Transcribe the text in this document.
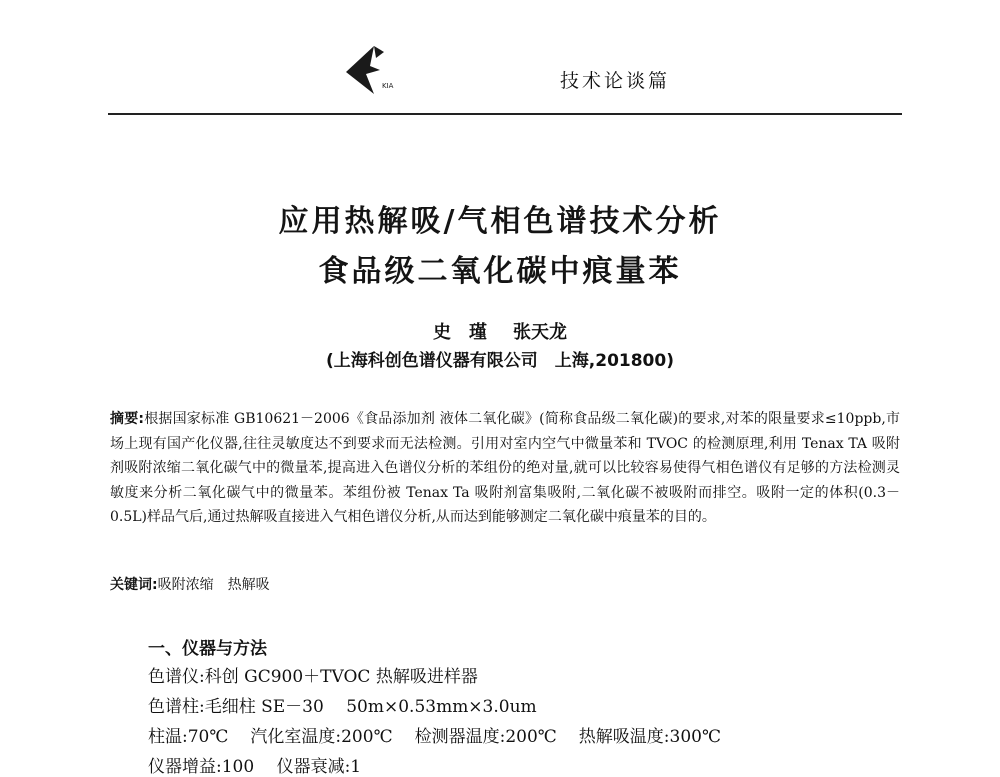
KIA	技术论谈篇
应用热解吸/气相色谱技术分析
食品级二氧化碳中痕量苯
史　瑾 张天龙
(上海科创色谱仪器有限公司　上海,201800)
摘要:根据国家标准 GB10621－2006《食品添加剂 液体二氧化碳》(简称食品级二氧化碳)的要求,对苯的限量要求≤10ppb,市场上现有国产化仪器,往往灵敏度达不到要求而无法检测。引用对室内空气中微量苯和 TVOC 的检测原理,利用 Tenax TA 吸附剂吸附浓缩二氧化碳气中的微量苯,提高进入色谱仪分析的苯组份的绝对量,就可以比较容易使得气相色谱仪有足够的方法检测灵敏度来分析二氧化碳气中的微量苯。苯组份被 Tenax Ta 吸附剂富集吸附,二氧化碳不被吸附而排空。吸附一定的体积(0.3－0.5L)样品气后,通过热解吸直接进入气相色谱仪分析,从而达到能够测定二氧化碳中痕量苯的目的。
关键词:吸附浓缩　热解吸
一、仪器与方法
色谱仪:科创 GC900＋TVOC 热解吸进样器
色谱柱:毛细柱 SE－30　 50m×0.53mm×3.0um
柱温:70℃ 汽化室温度:200℃ 检测器温度:200℃ 热解吸温度:300℃
仪器增益:100　 仪器衰减:1
